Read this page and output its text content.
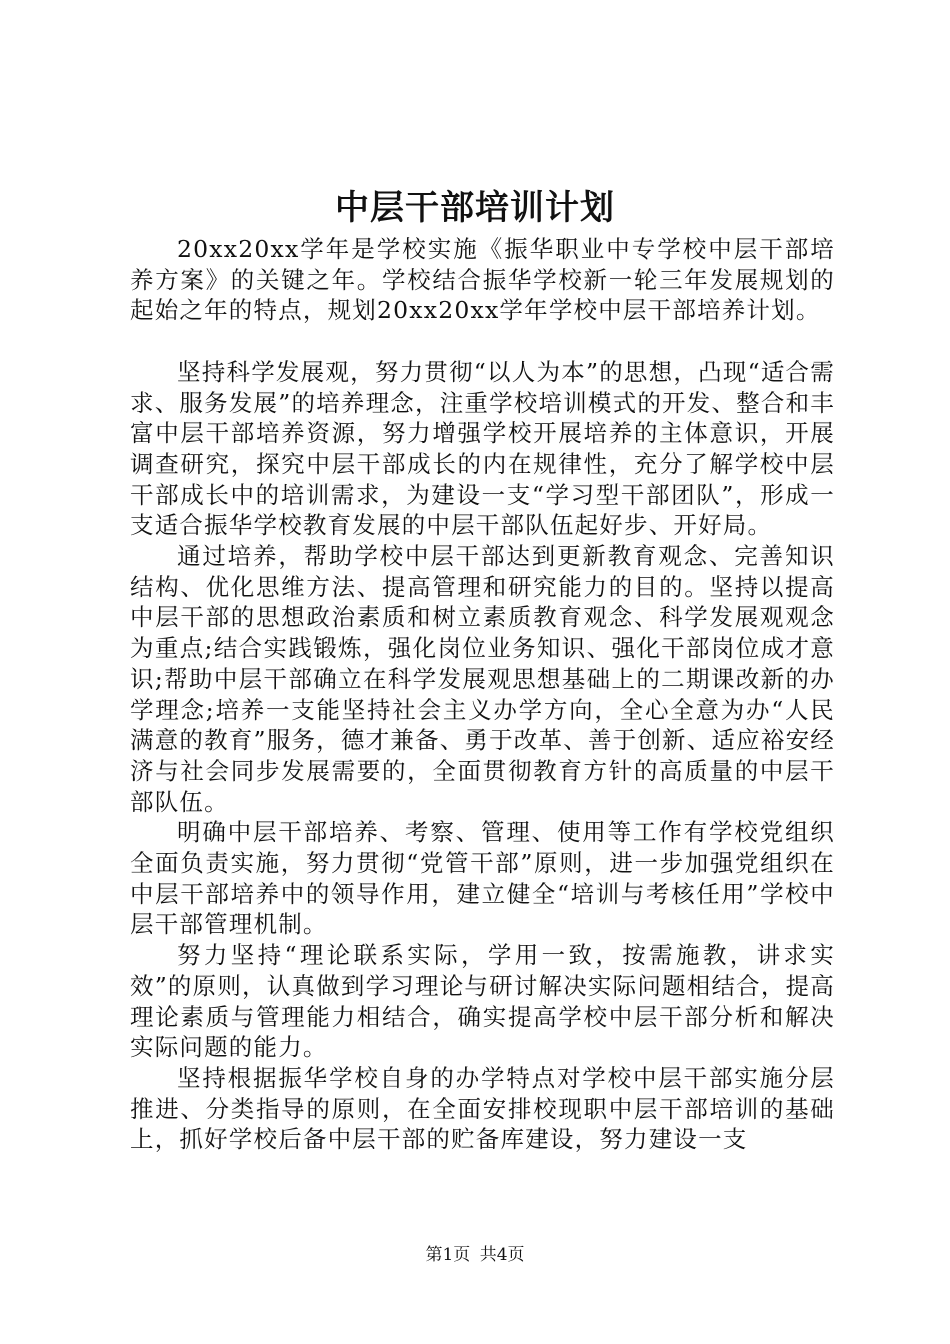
中层干部培训计划

20xx20xx学年是学校实施《振华职业中专学校中层干部培养方案》的关键之年。学校结合振华学校新一轮三年发展规划的起始之年的特点，规划20xx20xx学年学校中层干部培养计划。

坚持科学发展观，努力贯彻“以人为本”的思想，凸现“适合需求、服务发展”的培养理念，注重学校培训模式的开发、整合和丰富中层干部培养资源，努力增强学校开展培养的主体意识，开展调查研究，探究中层干部成长的内在规律性，充分了解学校中层干部成长中的培训需求，为建设一支“学习型干部团队”，形成一支适合振华学校教育发展的中层干部队伍起好步、开好局。

通过培养，帮助学校中层干部达到更新教育观念、完善知识结构、优化思维方法、提高管理和研究能力的目的。坚持以提高中层干部的思想政治素质和树立素质教育观念、科学发展观观念为重点;结合实践锻炼，强化岗位业务知识、强化干部岗位成才意识;帮助中层干部确立在科学发展观思想基础上的二期课改新的办学理念;培养一支能坚持社会主义办学方向，全心全意为办“人民满意的教育”服务，德才兼备、勇于改革、善于创新、适应裕安经济与社会同步发展需要的，全面贯彻教育方针的高质量的中层干部队伍。

明确中层干部培养、考察、管理、使用等工作有学校党组织全面负责实施，努力贯彻“党管干部”原则，进一步加强党组织在中层干部培养中的领导作用，建立健全“培训与考核任用”学校中层干部管理机制。

努力坚持“理论联系实际，学用一致，按需施教，讲求实效”的原则，认真做到学习理论与研讨解决实际问题相结合，提高理论素质与管理能力相结合，确实提高学校中层干部分析和解决实际问题的能力。

坚持根据振华学校自身的办学特点对学校中层干部实施分层推进、分类指导的原则，在全面安排校现职中层干部培训的基础上，抓好学校后备中层干部的贮备库建设，努力建设一支

第1页 共4页
